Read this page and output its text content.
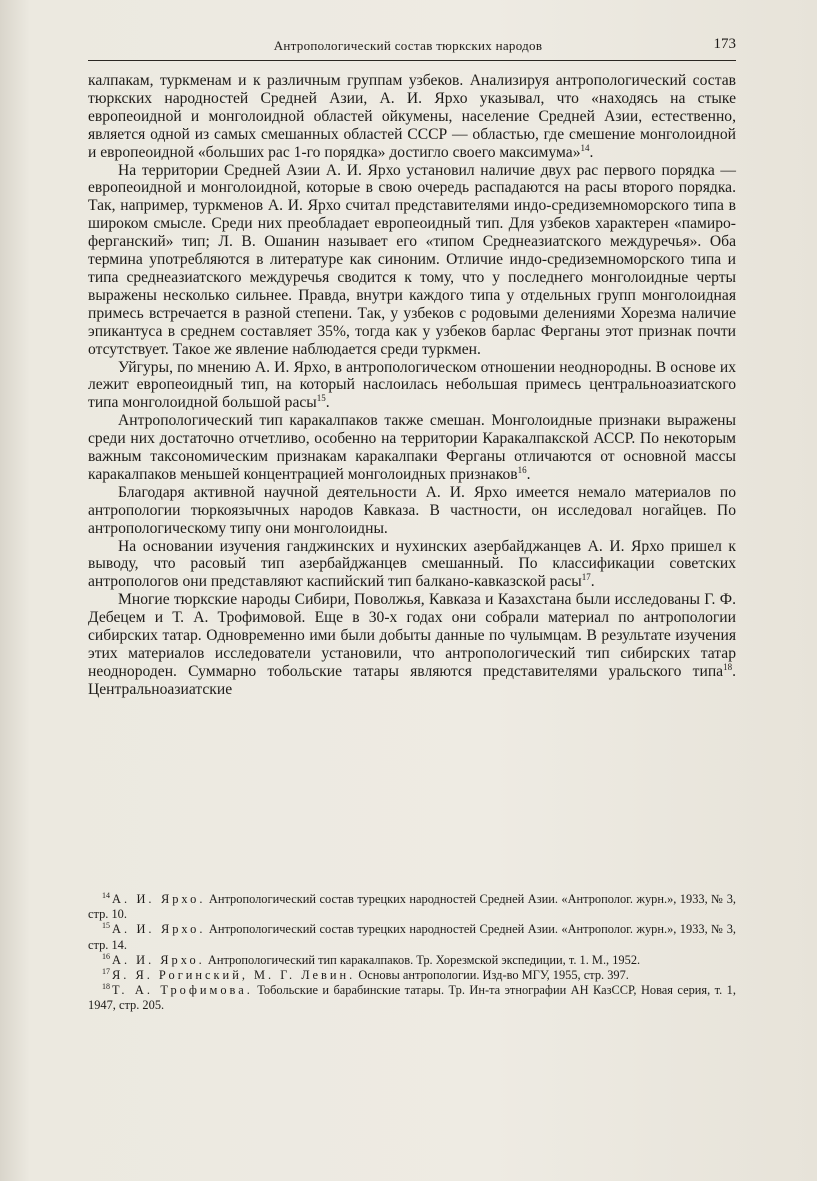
Антропологический состав тюркских народов	173

калпакам, туркменам и к различным группам узбеков. Анализируя антропологический состав тюркских народностей Средней Азии, А. И. Ярхо указывал, что «находясь на стыке европеоидной и монголоидной областей ойкумены, население Средней Азии, естественно, является одной из самых смешанных областей СССР — областью, где смешение монголоидной и европеоидной «больших рас 1-го порядка» достигло своего максимума»$^{14}$.

На территории Средней Азии А. И. Ярхо установил наличие двух рас первого порядка — европеоидной и монголоидной, которые в свою очередь распадаются на расы второго порядка. Так, например, туркменов А. И. Ярхо считал представителями индо-средиземноморского типа в широком смысле. Среди них преобладает европеоидный тип. Для узбеков характерен «памиро-ферганский» тип; Л. В. Ошанин называет его «типом Среднеазиатского междуречья». Оба термина употребляются в литературе как синоним. Отличие индо-средиземноморского типа и типа среднеазиатского междуречья сводится к тому, что у последнего монголоидные черты выражены несколько сильнее. Правда, внутри каждого типа у отдельных групп монголоидная примесь встречается в разной степени. Так, у узбеков с родовыми делениями Хорезма наличие эпикантуса в среднем составляет 35%, тогда как у узбеков барлас Ферганы этот признак почти отсутствует. Такое же явление наблюдается среди туркмен.

Уйгуры, по мнению А. И. Ярхо, в антропологическом отношении неоднородны. В основе их лежит европеоидный тип, на который наслоилась небольшая примесь центральноазиатского типа монголоидной большой расы$^{15}$.

Антропологический тип каракалпаков также смешан. Монголоидные признаки выражены среди них достаточно отчетливо, особенно на территории Каракалпакской АССР. По некоторым важным таксономическим признакам каракалпаки Ферганы отличаются от основной массы каракалпаков меньшей концентрацией монголоидных признаков$^{16}$.

Благодаря активной научной деятельности А. И. Ярхо имеется немало материалов по антропологии тюркоязычных народов Кавказа. В частности, он исследовал ногайцев. По антропологическому типу они монголоидны.

На основании изучения ганджинских и нухинских азербайджанцев А. И. Ярхо пришел к выводу, что расовый тип азербайджанцев смешанный. По классификации советских антропологов они представляют каспийский тип балкано-кавказской расы$^{17}$.

Многие тюркские народы Сибири, Поволжья, Кавказа и Казахстана были исследованы Г. Ф. Дебецем и Т. А. Трофимовой. Еще в 30-х годах они собрали материал по антропологии сибирских татар. Одновременно ими были добыты данные по чулымцам. В результате изучения этих материалов исследователи установили, что антропологический тип сибирских татар неоднороден. Суммарно тобольские татары являются представителями уральского типа$^{18}$. Центральноазиатские

$^{14}$ А. И. Ярхо. Антропологический состав турецких народностей Средней Азии. «Антрополог. журн.», 1933, № 3, стр. 10.

$^{15}$ А. И. Ярхо. Антропологический состав турецких народностей Средней Азии. «Антрополог. журн.», 1933, № 3, стр. 14.

$^{16}$ А. И. Ярхо. Антропологический тип каракалпаков. Тр. Хорезмской экспедиции, т. 1. М., 1952.

$^{17}$ Я. Я. Рогинский, М. Г. Левин. Основы антропологии. Изд-во МГУ, 1955, стр. 397.

$^{18}$ Т. А. Трофимова. Тобольские и барабинские татары. Тр. Ин-та этнографии АН КазССР, Новая серия, т. 1, 1947, стр. 205.
